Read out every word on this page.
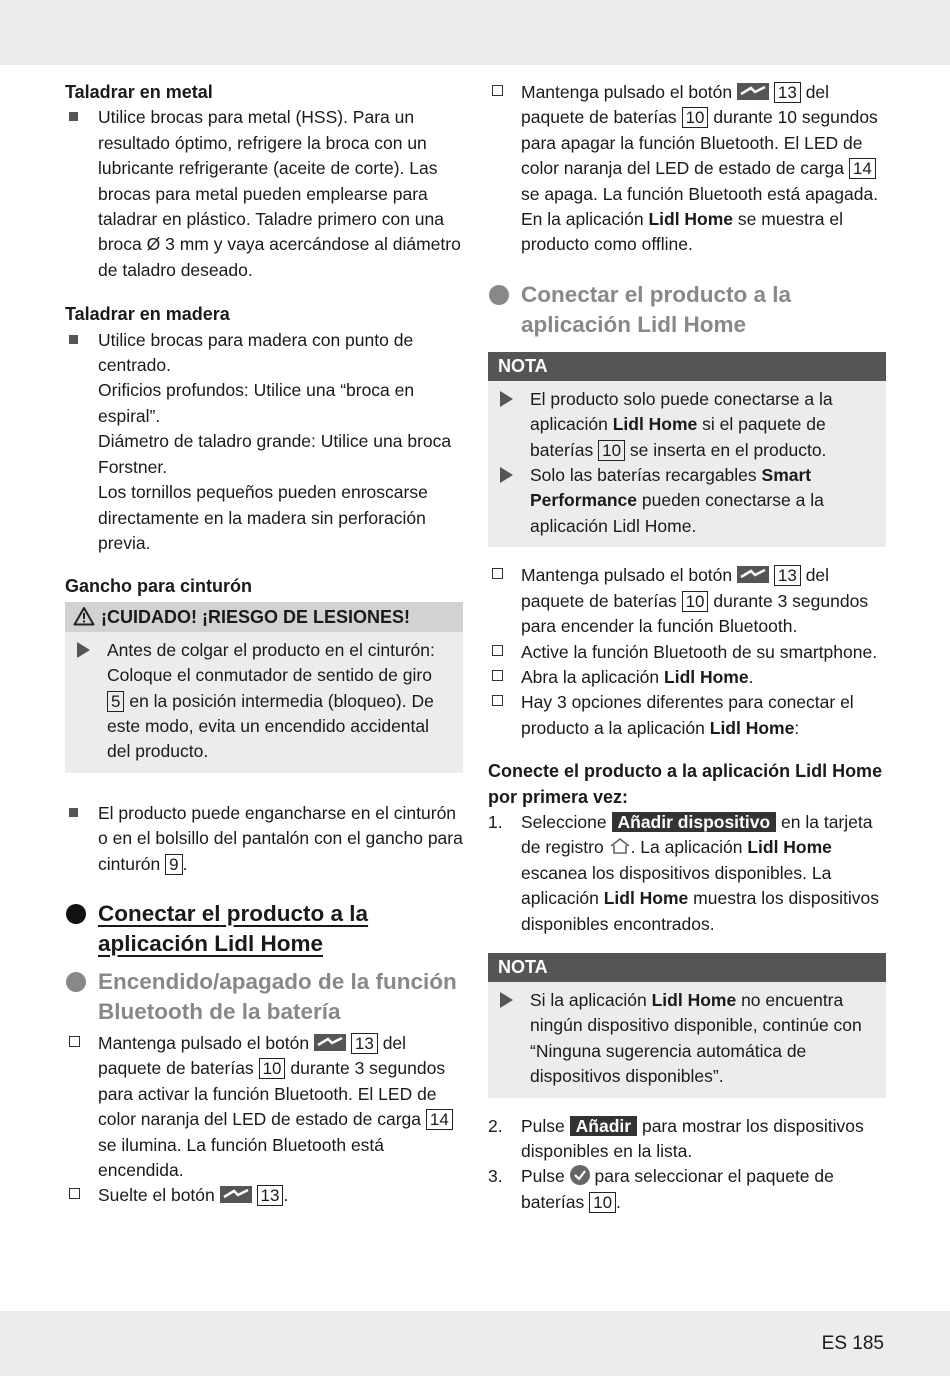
Taladrar en metal
Utilice brocas para metal (HSS). Para un resultado óptimo, refrigere la broca con un lubricante refrigerante (aceite de corte). Las brocas para metal pueden emplearse para taladrar en plástico. Taladre primero con una broca Ø 3 mm y vaya acercándose al diámetro de taladro deseado.
Taladrar en madera
Utilice brocas para madera con punto de centrado.
Orificios profundos: Utilice una “broca en espiral”.
Diámetro de taladro grande: Utilice una broca Forstner.
Los tornillos pequeños pueden enroscarse directamente en la madera sin perforación previa.
Gancho para cinturón
¡CUIDADO! ¡RIESGO DE LESIONES!
Antes de colgar el producto en el cinturón: Coloque el conmutador de sentido de giro 5 en la posición intermedia (bloqueo). De este modo, evita un encendido accidental del producto.
El producto puede engancharse en el cinturón o en el bolsillo del pantalón con el gancho para cinturón 9 .
Conectar el producto a la aplicación Lidl Home
Encendido/apagado de la función Bluetooth de la batería
Mantenga pulsado el botón	13 del paquete de baterías 10 durante 3 segundos para activar la función Bluetooth. El LED de color naranja del LED de estado de carga 14 se ilumina. La función Bluetooth está encendida.
Suelte el botón	13 .
Mantenga pulsado el botón	13 del paquete de baterías 10 durante 10 segundos para apagar la función Bluetooth. El LED de color naranja del LED de estado de carga 14 se apaga. La función Bluetooth está apagada. En la aplicación Lidl Home se muestra el producto como offline.
Conectar el producto a la aplicación Lidl Home
NOTA
El producto solo puede conectarse a la aplicación Lidl Home si el paquete de baterías 10 se inserta en el producto.
Solo las baterías recargables Smart Performance pueden conectarse a la aplicación Lidl Home.
Mantenga pulsado el botón	13 del paquete de baterías 10 durante 3 segundos para encender la función Bluetooth.
Active la función Bluetooth de su smartphone.
Abra la aplicación Lidl Home.
Hay 3 opciones diferentes para conectar el producto a la aplicación Lidl Home:
Conecte el producto a la aplicación Lidl Home por primera vez:
1.	Seleccione Añadir dispositivo en la tarjeta de registro . La aplicación Lidl Home escanea los dispositivos disponibles. La aplicación Lidl Home muestra los dispositivos disponibles encontrados.
NOTA
Si la aplicación Lidl Home no encuentra ningún dispositivo disponible, continúe con “Ninguna sugerencia automática de dispositivos disponibles”.
2.	Pulse Añadir para mostrar los dispositivos disponibles en la lista.
3.	Pulse para seleccionar el paquete de baterías 10 .
ES 185
